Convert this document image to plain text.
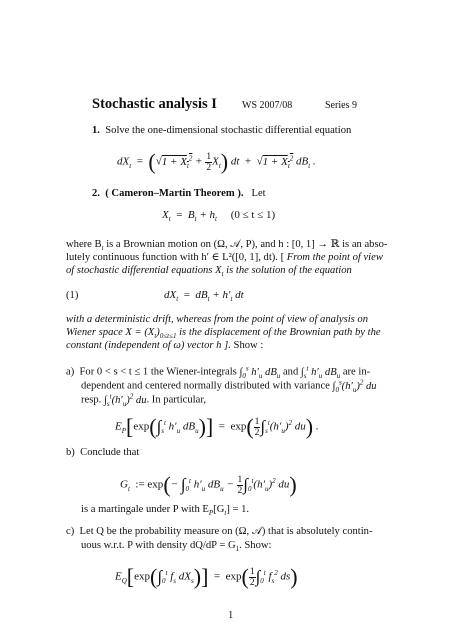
Stochastic analysis I	WS 2007/08	Series 9
1. Solve the one-dimensional stochastic differential equation
$dX_t = (√1 + X_t^2 + \frac{1}{2} X_t)$ dt  +  $√1 + X_t^2$ $dB_t$ .
2. ( Cameron–Martin Theorem ). Let
$X_t = B_t + h_t$     (0 ≤ t ≤ 1)
where $B_t$ is a Brownian motion on (Ω, 𝒜, P), and h : [0, 1] → ℝ is an abso-
lutely continuous function with h′ ∈ L²([0, 1], dt). [ From the point of view
of stochastic differential equations $X_t$ is the solution of the equation
(1)	$dX_t = dB_t + h'_t$ dt
with a deterministic drift, whereas from the point of view of analysis on
Wiener space $X = (X_t)_{0\le t\le 1}$ is the displacement of the Brownian path by the
constant (independent of ω) vector h ]. Show :
a) For 0 < s < t ≤ 1 the Wiener-integrals $\int_0^s$ $h'_u$ $dB_u$ and $\int_s^t$ $h'_u$ $dB_u$ are in-
dependent and centered normally distributed with variance $\int_0^s(h'_u)^2$ du
resp. $\int_s^t(h'_u)^2$ du. In particular,
$E_P[\exp(\int_s^t$ $h'_u$ $dB_u)] = \exp( \frac{1}{2} \int_s^t(h'_u)^2$ du) .
b) Conclude that
$G_t$  := $\exp(- \int_0^t$ $h'_u$ $dB_u - \frac{1}{2} \int_0^t(h'_u)^2$ du)
is a martingale under P with $E_P[G_t] = 1$.
c) Let Q be the probability measure on (Ω, 𝒜) that is absolutely contin-
uous w.r.t. P with density $dQ/dP = G_1$. Show:
$E_Q[\exp(\int_0^t$ $f_s$ $dX_s)] = \exp( \frac{1}{2} \int_0^t$ $f_s^2$ ds)
1
